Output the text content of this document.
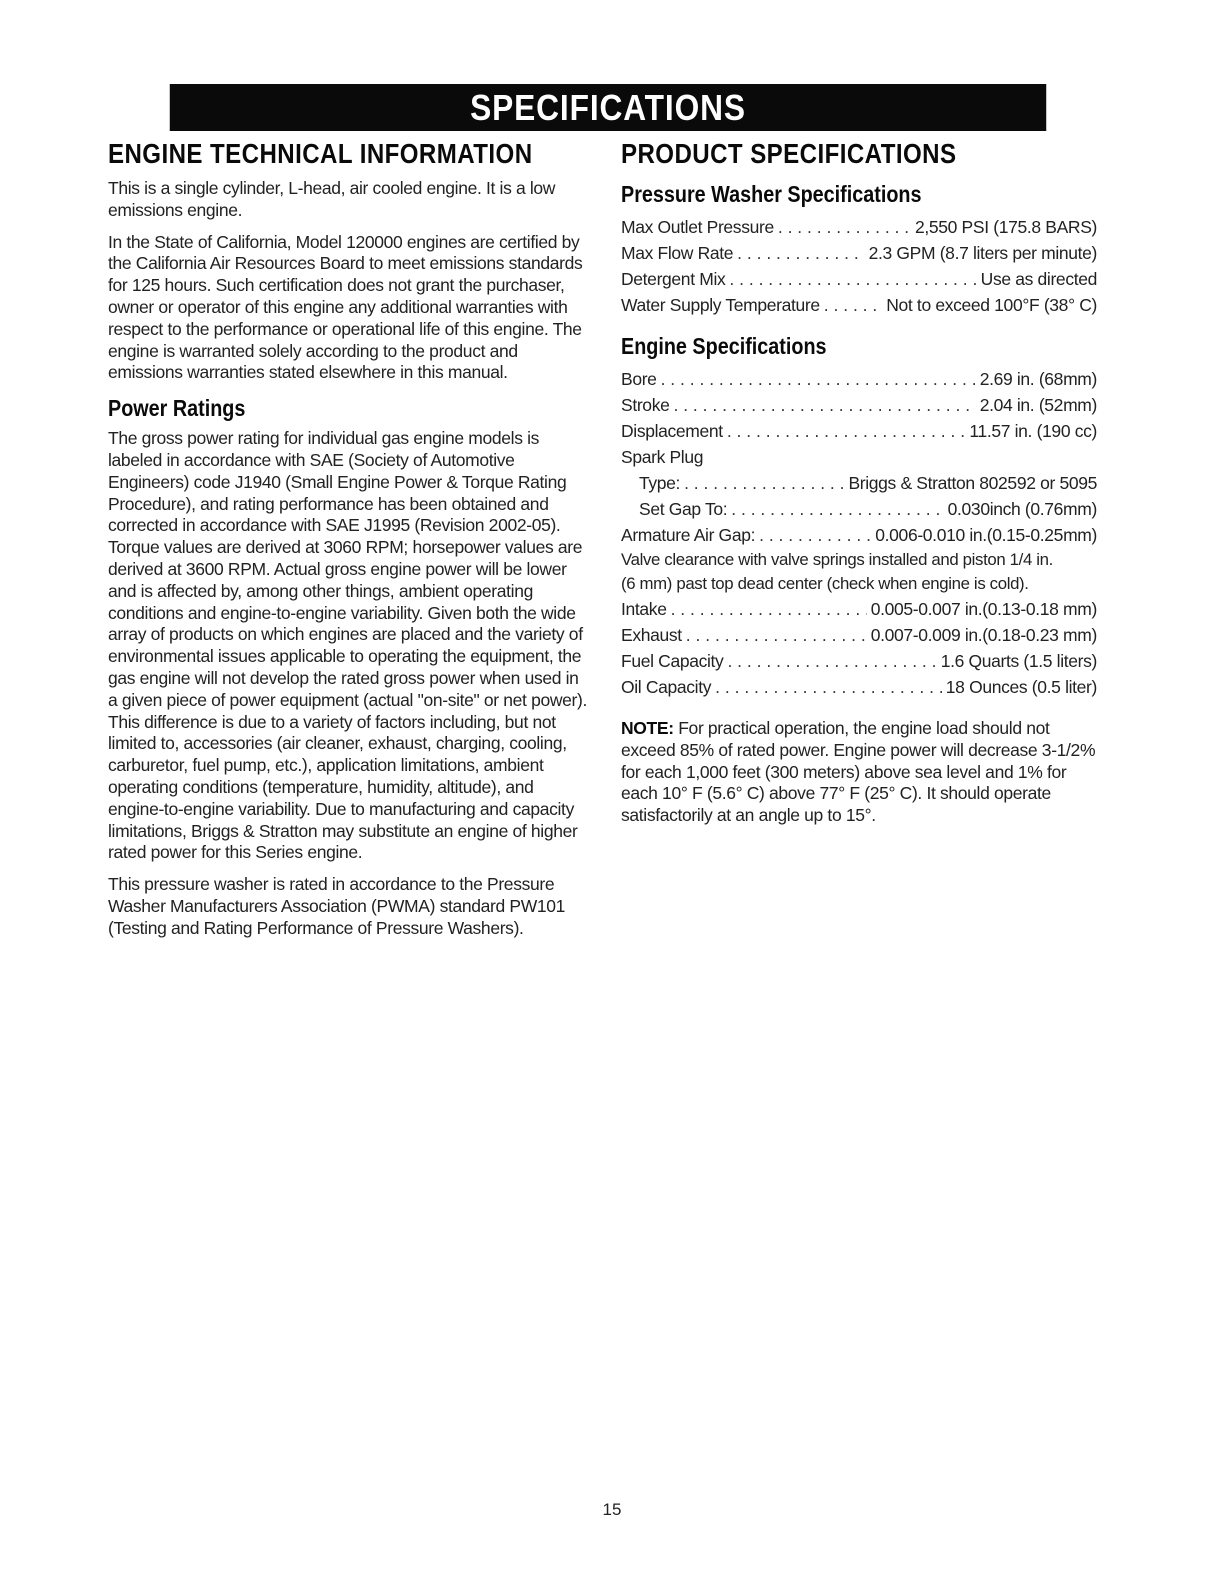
SPECIFICATIONS
ENGINE TECHNICAL INFORMATION

This is a single cylinder, L-head, air cooled engine. It is a low emissions engine.

In the State of California, Model 120000 engines are certified by the California Air Resources Board to meet emissions standards for 125 hours. Such certification does not grant the purchaser, owner or operator of this engine any additional warranties with respect to the performance or operational life of this engine. The engine is warranted solely according to the product and emissions warranties stated elsewhere in this manual.

Power Ratings

The gross power rating for individual gas engine models is labeled in accordance with SAE (Society of Automotive Engineers) code J1940 (Small Engine Power & Torque Rating Procedure), and rating performance has been obtained and corrected in accordance with SAE J1995 (Revision 2002-05). Torque values are derived at 3060 RPM; horsepower values are derived at 3600 RPM. Actual gross engine power will be lower and is affected by, among other things, ambient operating conditions and engine-to-engine variability. Given both the wide array of products on which engines are placed and the variety of environmental issues applicable to operating the equipment, the gas engine will not develop the rated gross power when used in a given piece of power equipment (actual "on-site" or net power). This difference is due to a variety of factors including, but not limited to, accessories (air cleaner, exhaust, charging, cooling, carburetor, fuel pump, etc.), application limitations, ambient operating conditions (temperature, humidity, altitude), and engine-to-engine variability. Due to manufacturing and capacity limitations, Briggs & Stratton may substitute an engine of higher rated power for this Series engine.

This pressure washer is rated in accordance to the Pressure Washer Manufacturers Association (PWMA) standard PW101 (Testing and Rating Performance of Pressure Washers).

PRODUCT SPECIFICATIONS
Pressure Washer Specifications
Max Outlet Pressure . . .	2,550 PSI (175.8 BARS)
Max Flow Rate . . .	2.3 GPM (8.7 liters per minute)
Detergent Mix . . .	Use as directed
Water Supply Temperature . . .	Not to exceed 100°F (38° C)
Engine Specifications
Bore . . .	2.69 in. (68mm)
Stroke . . .	2.04 in. (52mm)
Displacement . . .	11.57 in. (190 cc)
Spark Plug
Type: . . .	Briggs & Stratton 802592 or 5095
Set Gap To: . . .	0.030inch (0.76mm)
Armature Air Gap: . . .	0.006-0.010 in.(0.15-0.25mm)
Valve clearance with valve springs installed and piston 1/4 in.
(6 mm) past top dead center (check when engine is cold).
Intake . . .	0.005-0.007 in.(0.13-0.18 mm)
Exhaust . . .	0.007-0.009 in.(0.18-0.23 mm)
Fuel Capacity . . .	1.6 Quarts (1.5 liters)
Oil Capacity . . .	18 Ounces (0.5 liter)

NOTE: For practical operation, the engine load should not exceed 85% of rated power. Engine power will decrease 3-1/2% for each 1,000 feet (300 meters) above sea level and 1% for each 10° F (5.6° C) above 77° F (25° C). It should operate satisfactorily at an angle up to 15°.

15
